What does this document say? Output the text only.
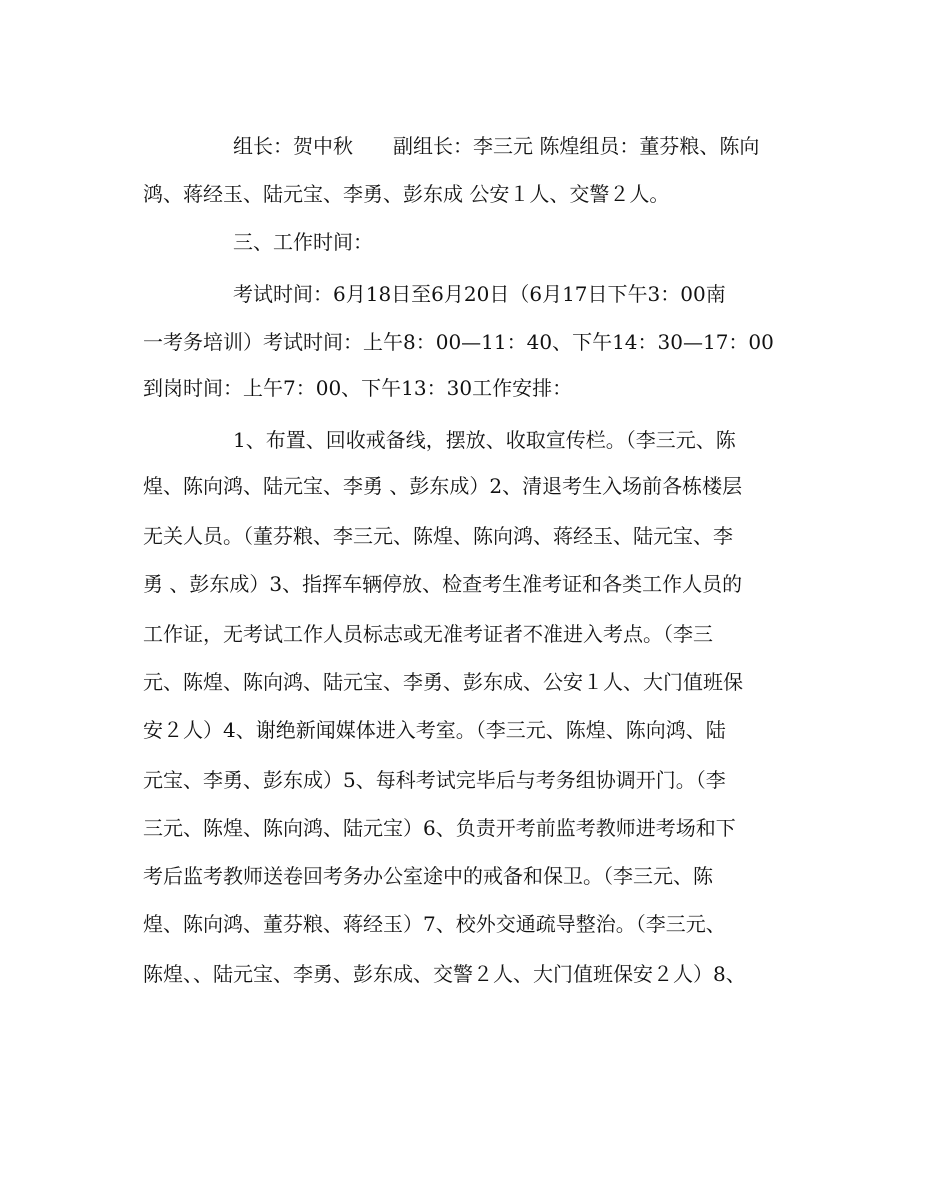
组长：贺中秋　　副组长：李三元 陈煌组员：董芬粮、陈向
鸿、蒋经玉、陆元宝、李勇、彭东成 公安１人、交警２人。
三、工作时间：
考试时间：6月18日至6月20日（6月17日下午3：00南
一考务培训）考试时间：上午8：00—11：40、下午14：30—17：00
到岗时间：上午7：00、下午13：30工作安排：
1、布置、回收戒备线，摆放、收取宣传栏。（李三元、陈
煌、陈向鸿、陆元宝、李勇 、彭东成）2、清退考生入场前各栋楼层
无关人员。（董芬粮、李三元、陈煌、陈向鸿、蒋经玉、陆元宝、李
勇 、彭东成）3、指挥车辆停放、检查考生准考证和各类工作人员的
工作证，无考试工作人员标志或无准考证者不准进入考点。（李三
元、陈煌、陈向鸿、陆元宝、李勇、彭东成、公安１人、大门值班保
安２人）4、谢绝新闻媒体进入考室。（李三元、陈煌、陈向鸿、陆
元宝、李勇、彭东成）5、每科考试完毕后与考务组协调开门。（李
三元、陈煌、陈向鸿、陆元宝）6、负责开考前监考教师进考场和下
考后监考教师送卷回考务办公室途中的戒备和保卫。（李三元、陈
煌、陈向鸿、董芬粮、蒋经玉）7、校外交通疏导整治。（李三元、
陈煌、、陆元宝、李勇、彭东成、交警２人、大门值班保安２人）8、
